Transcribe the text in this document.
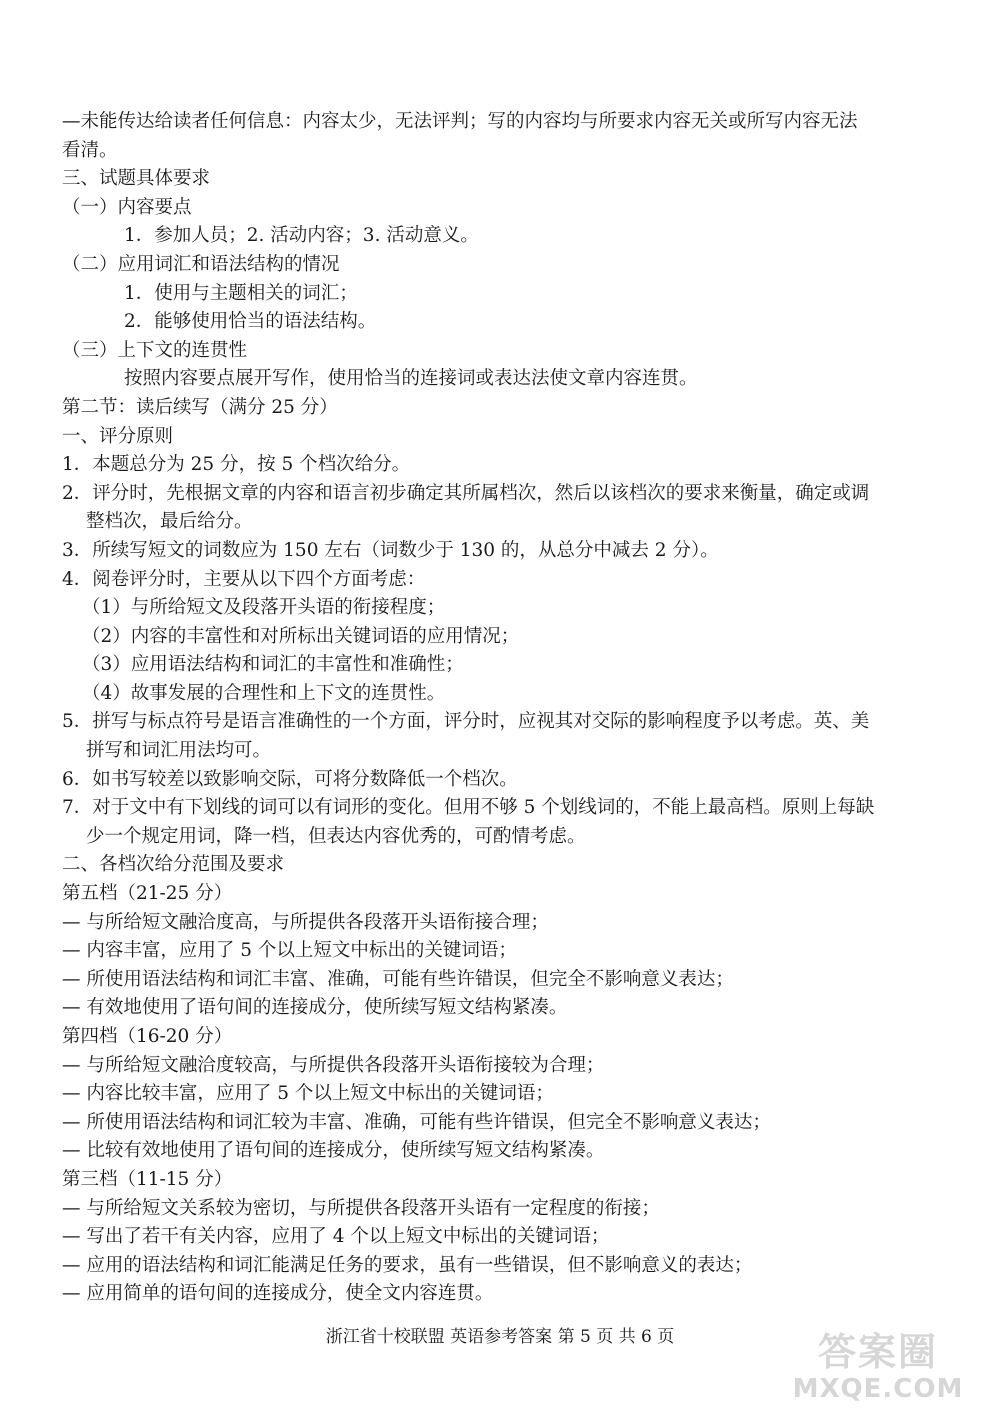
—未能传达给读者任何信息：内容太少，无法评判；写的内容均与所要求内容无关或所写内容无法
看清。
三、试题具体要求
（一）内容要点
1．参加人员；2. 活动内容；3. 活动意义。
（二）应用词汇和语法结构的情况
1．使用与主题相关的词汇；
2．能够使用恰当的语法结构。
（三）上下文的连贯性
按照内容要点展开写作，使用恰当的连接词或表达法使文章内容连贯。
第二节：读后续写（满分 25 分）
一、评分原则
1．本题总分为 25 分，按 5 个档次给分。
2．评分时，先根据文章的内容和语言初步确定其所属档次，然后以该档次的要求来衡量，确定或调
整档次，最后给分。
3．所续写短文的词数应为 150 左右（词数少于 130 的，从总分中减去 2 分）。
4．阅卷评分时，主要从以下四个方面考虑：
（1）与所给短文及段落开头语的衔接程度；
（2）内容的丰富性和对所标出关键词语的应用情况；
（3）应用语法结构和词汇的丰富性和准确性；
（4）故事发展的合理性和上下文的连贯性。
5．拼写与标点符号是语言准确性的一个方面，评分时，应视其对交际的影响程度予以考虑。英、美
拼写和词汇用法均可。
6．如书写较差以致影响交际，可将分数降低一个档次。
7．对于文中有下划线的词可以有词形的变化。但用不够 5 个划线词的，不能上最高档。原则上每缺
少一个规定用词，降一档，但表达内容优秀的，可酌情考虑。
二、各档次给分范围及要求
第五档（21-25 分）
— 与所给短文融洽度高，与所提供各段落开头语衔接合理；
— 内容丰富，应用了 5 个以上短文中标出的关键词语；
— 所使用语法结构和词汇丰富、准确，可能有些许错误，但完全不影响意义表达；
— 有效地使用了语句间的连接成分，使所续写短文结构紧凑。
第四档（16-20 分）
— 与所给短文融洽度较高，与所提供各段落开头语衔接较为合理；
— 内容比较丰富，应用了 5 个以上短文中标出的关键词语；
— 所使用语法结构和词汇较为丰富、准确，可能有些许错误，但完全不影响意义表达；
— 比较有效地使用了语句间的连接成分，使所续写短文结构紧凑。
第三档（11-15 分）
— 与所给短文关系较为密切，与所提供各段落开头语有一定程度的衔接；
— 写出了若干有关内容，应用了 4 个以上短文中标出的关键词语；
— 应用的语法结构和词汇能满足任务的要求，虽有一些错误，但不影响意义的表达；
— 应用简单的语句间的连接成分，使全文内容连贯。
浙江省十校联盟 英语参考答案 第 5 页 共 6 页	答案圈
MXQE.COM
